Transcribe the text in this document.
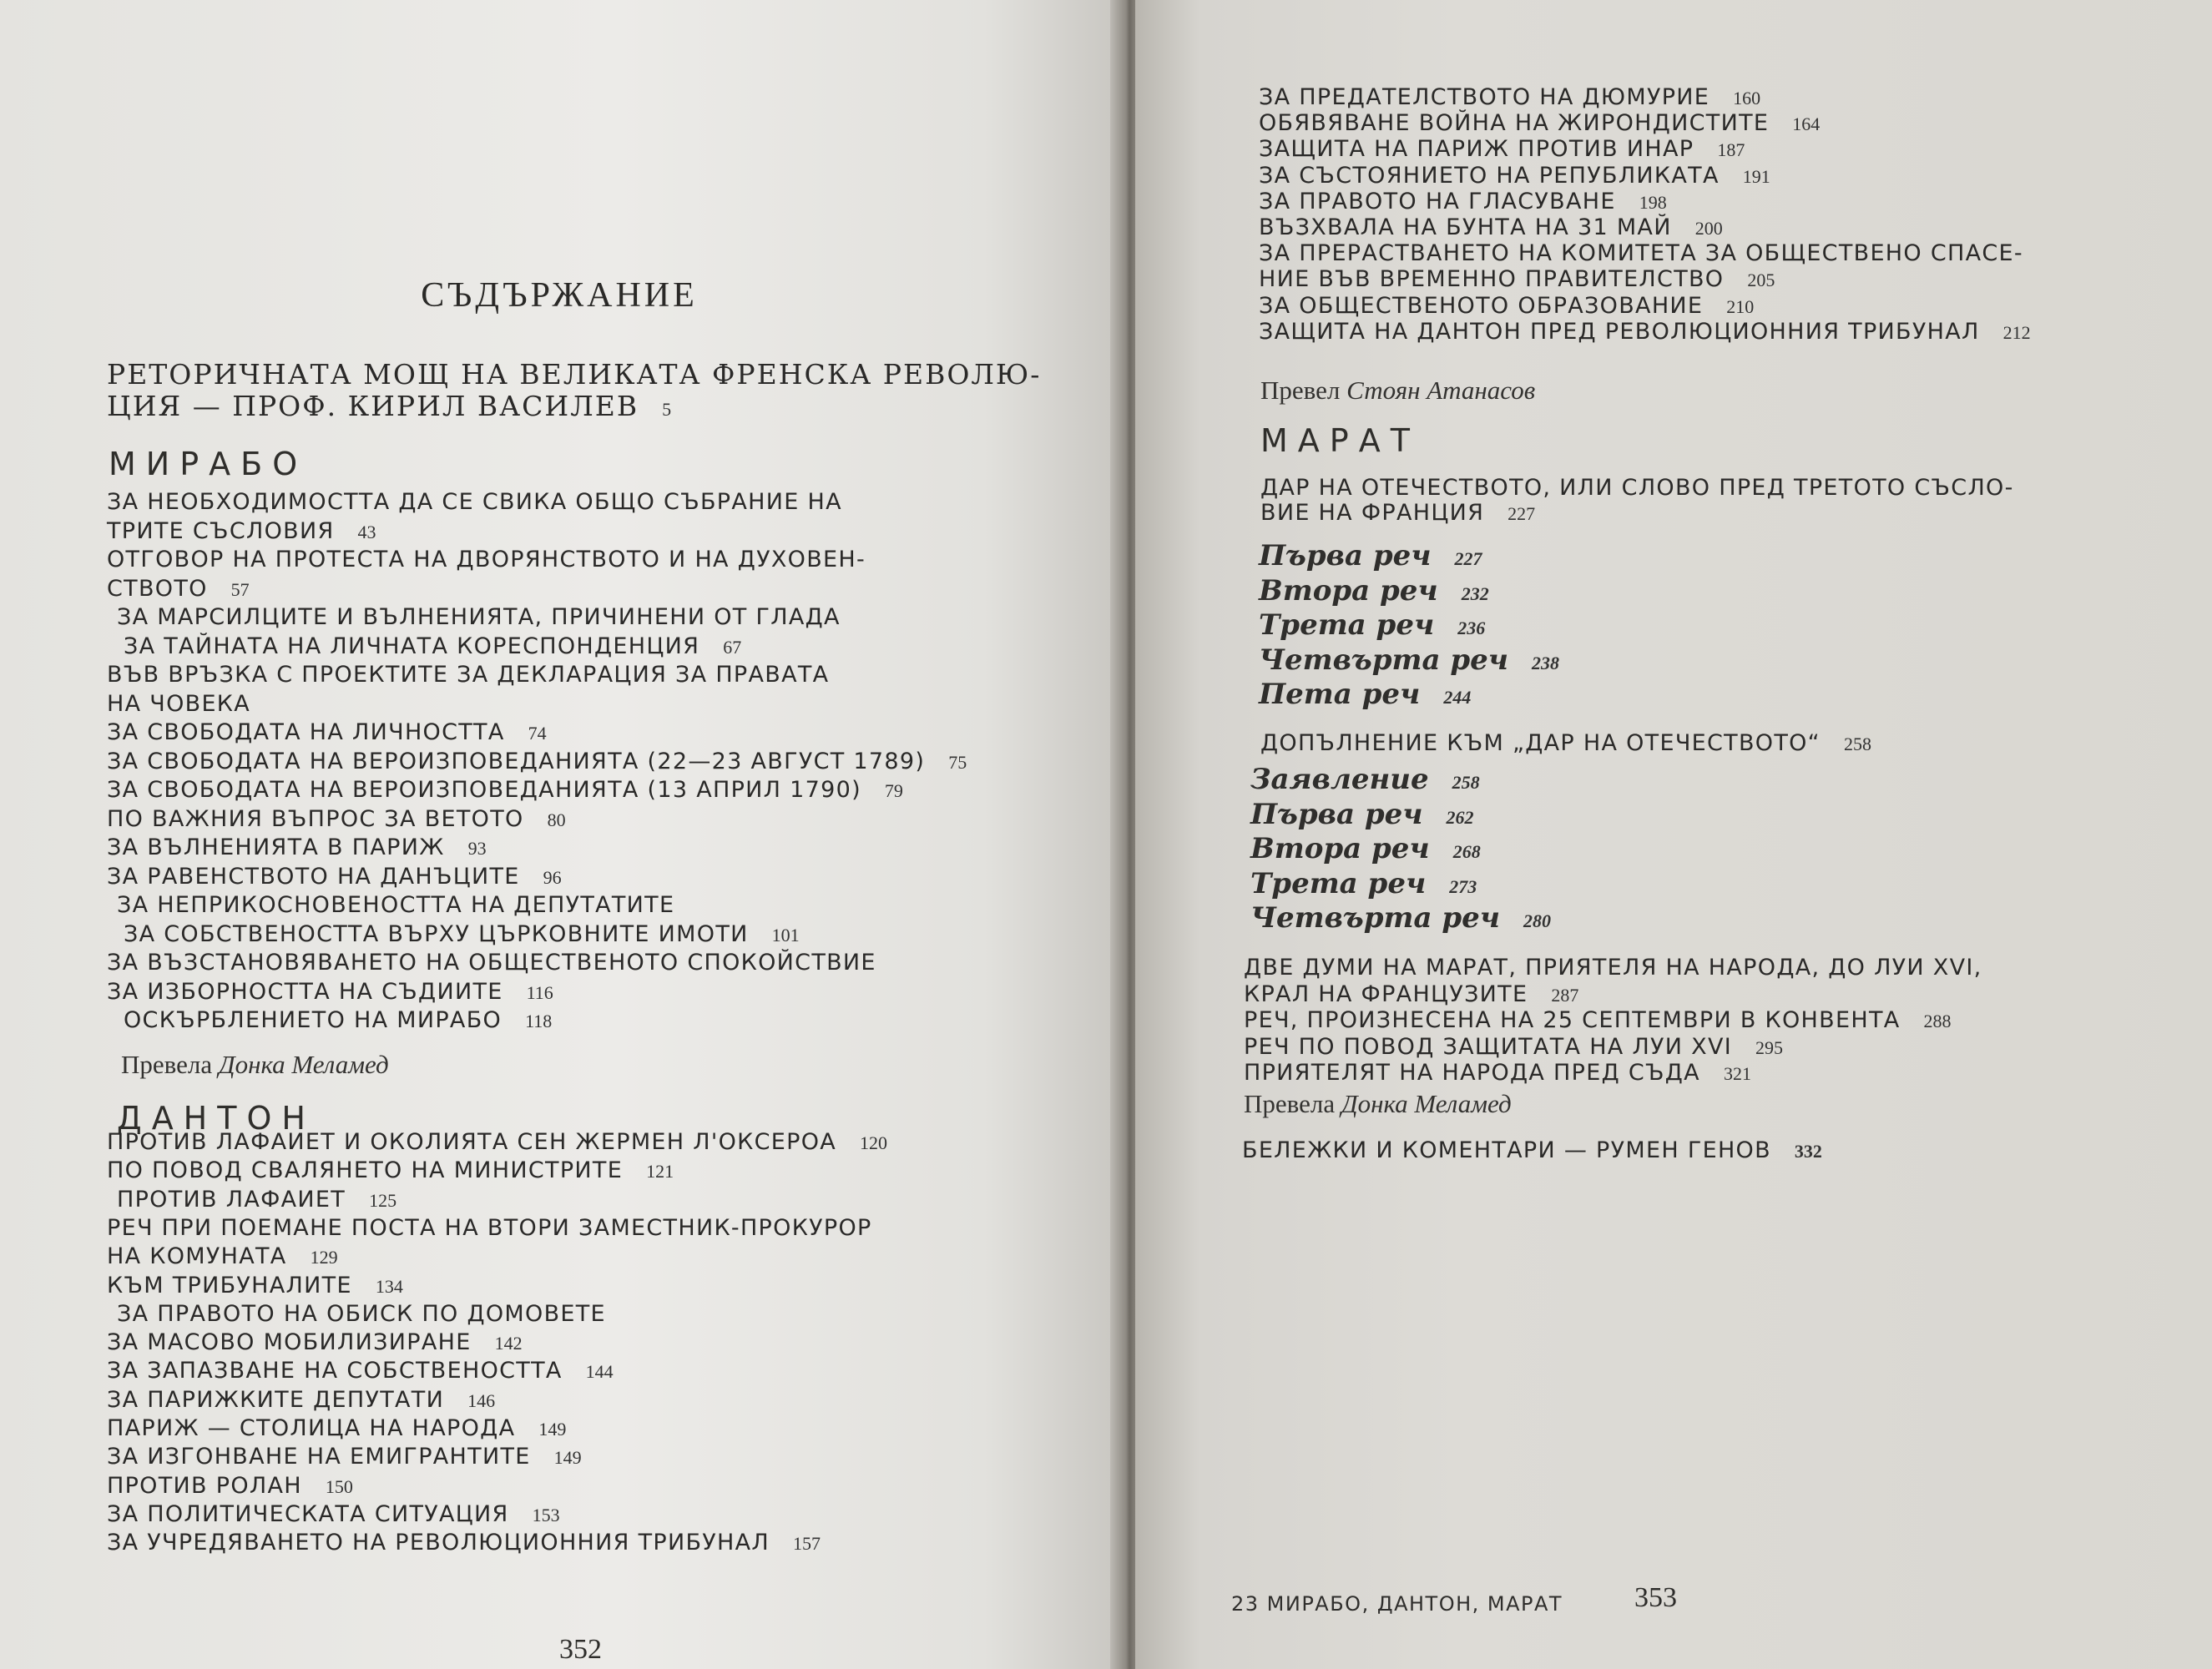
СЪДЪРЖАНИЕ
РЕТОРИЧНАТА МОЩ НА ВЕЛИКАТА ФРЕНСКА РЕВОЛЮ-
ЦИЯ — ПРОФ. КИРИЛ ВАСИЛЕВ 5
МИРАБО
ЗА НЕОБХОДИМОСТТА ДА СЕ СВИКА ОБЩО СЪБРАНИЕ НА
ТРИТЕ СЪСЛОВИЯ 43
ОТГОВОР НА ПРОТЕСТА НА ДВОРЯНСТВОТО И НА ДУХОВЕН-
СТВОТО 57
ЗА МАРСИЛЦИТЕ И ВЪЛНЕНИЯТА, ПРИЧИНЕНИ ОТ ГЛАДА
ЗА ТАЙНАТА НА ЛИЧНАТА КОРЕСПОНДЕНЦИЯ 67
ВЪВ ВРЪЗКА С ПРОЕКТИТЕ ЗА ДЕКЛАРАЦИЯ ЗА ПРАВАТА
НА ЧОВЕКА
ЗА СВОБОДАТА НА ЛИЧНОСТТА 74
ЗА СВОБОДАТА НА ВЕРОИЗПОВЕДАНИЯТА (22—23 АВГУСТ 1789) 75
ЗА СВОБОДАТА НА ВЕРОИЗПОВЕДАНИЯТА (13 АПРИЛ 1790) 79
ПО ВАЖНИЯ ВЪПРОС ЗА ВЕТОТО 80
ЗА ВЪЛНЕНИЯТА В ПАРИЖ 93
ЗА РАВЕНСТВОТО НА ДАНЪЦИТЕ 96
ЗА НЕПРИКОСНОВЕНОСТТА НА ДЕПУТАТИТЕ
ЗА СОБСТВЕНОСТТА ВЪРХУ ЦЪРКОВНИТЕ ИМОТИ 101
ЗА ВЪЗСТАНОВЯВАНЕТО НА ОБЩЕСТВЕНОТО СПОКОЙСТВИЕ
ЗА ИЗБОРНОСТТА НА СЪДИИТЕ 116
ОСКЪРБЛЕНИЕТО НА МИРАБО 118
Превела Донка Меламед
ДАНТОН
ПРОТИВ ЛАФАИЕТ И ОКОЛИЯТА СЕН ЖЕРМЕН Л'ОКСЕРОА 120
ПО ПОВОД СВАЛЯНЕТО НА МИНИСТРИТЕ 121
ПРОТИВ ЛАФАИЕТ 125
РЕЧ ПРИ ПОЕМАНЕ ПОСТА НА ВТОРИ ЗАМЕСТНИК-ПРОКУРОР
НА КОМУНАТА 129
КЪМ ТРИБУНАЛИТЕ 134
ЗА ПРАВОТО НА ОБИСК ПО ДОМОВЕТЕ
ЗА МАСОВО МОБИЛИЗИРАНЕ 142
ЗА ЗАПАЗВАНЕ НА СОБСТВЕНОСТТА 144
ЗА ПАРИЖКИТЕ ДЕПУТАТИ 146
ПАРИЖ — СТОЛИЦА НА НАРОДА 149
ЗА ИЗГОНВАНЕ НА ЕМИГРАНТИТЕ 149
ПРОТИВ РОЛАН 150
ЗА ПОЛИТИЧЕСКАТА СИТУАЦИЯ 153
ЗА УЧРЕДЯВАНЕТО НА РЕВОЛЮЦИОННИЯ ТРИБУНАЛ 157
352
ЗА ПРЕДАТЕЛСТВОТО НА ДЮМУРИЕ 160
ОБЯВЯВАНЕ ВОЙНА НА ЖИРОНДИСТИТЕ 164
ЗАЩИТА НА ПАРИЖ ПРОТИВ ИНАР 187
ЗА СЪСТОЯНИЕТО НА РЕПУБЛИКАТА 191
ЗА ПРАВОТО НА ГЛАСУВАНЕ 198
ВЪЗХВАЛА НА БУНТА НА 31 МАЙ 200
ЗА ПРЕРАСТВАНЕТО НА КОМИТЕТА ЗА ОБЩЕСТВЕНО СПАСЕ-
НИЕ ВЪВ ВРЕМЕННО ПРАВИТЕЛСТВО 205
ЗА ОБЩЕСТВЕНОТО ОБРАЗОВАНИЕ 210
ЗАЩИТА НА ДАНТОН ПРЕД РЕВОЛЮЦИОННИЯ ТРИБУНАЛ 212
Превел Стоян Атанасов
МАРАТ
ДАР НА ОТЕЧЕСТВОТО, ИЛИ СЛОВО ПРЕД ТРЕТОТО СЪСЛО-
ВИЕ НА ФРАНЦИЯ 227
Първа реч 227
Втора реч 232
Трета реч 236
Четвърта реч 238
Пета реч 244
ДОПЪЛНЕНИЕ КЪМ „ДАР НА ОТЕЧЕСТВОТО“ 258
Заявление 258
Първа реч 262
Втора реч 268
Трета реч 273
Четвърта реч 280
ДВЕ ДУМИ НА МАРАТ, ПРИЯТЕЛЯ НА НАРОДА, ДО ЛУИ XVI,
КРАЛ НА ФРАНЦУЗИТЕ 287
РЕЧ, ПРОИЗНЕСЕНА НА 25 СЕПТЕМВРИ В КОНВЕНТА 288
РЕЧ ПО ПОВОД ЗАЩИТАТА НА ЛУИ XVI 295
ПРИЯТЕЛЯТ НА НАРОДА ПРЕД СЪДА 321
Превела Донка Меламед
БЕЛЕЖКИ И КОМЕНТАРИ — РУМЕН ГЕНОВ 332
23 МИРАБО, ДАНТОН, МАРАТ	353
